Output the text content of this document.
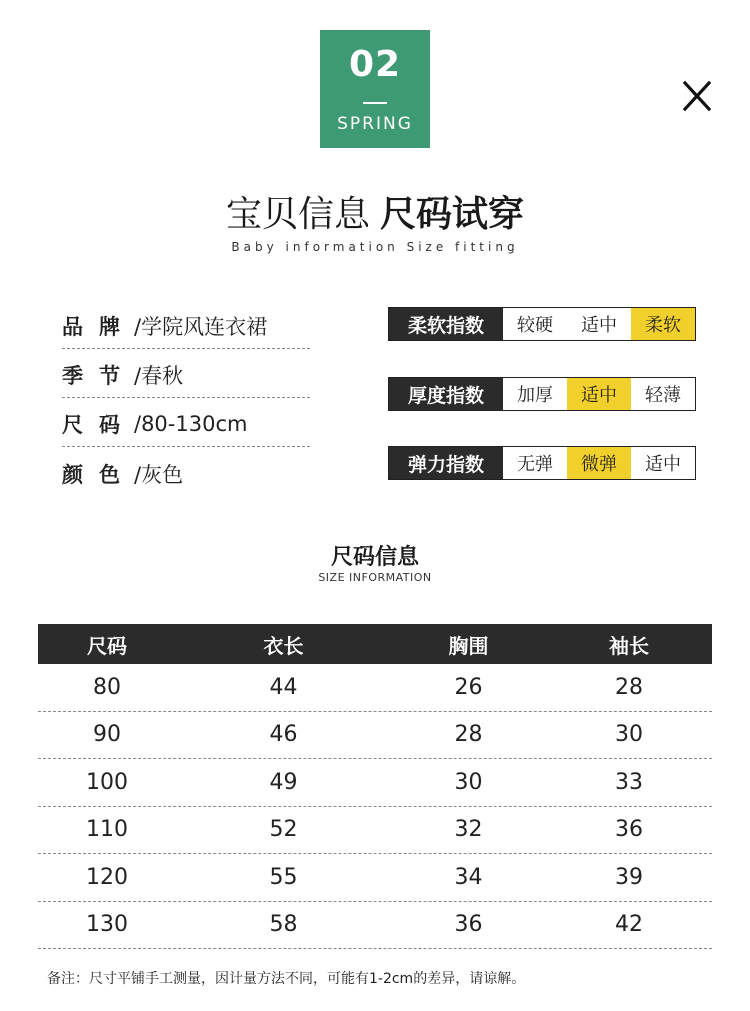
02
SPRING
宝贝信息 尺码试穿
Baby information Size fitting
品牌
/学院风连衣裙
季节
/春秋
尺码
/80-130cm
颜色
/灰色
柔软指数	较硬	适中	柔软
厚度指数	加厚	适中	轻薄
弹力指数	无弹	微弹	适中
尺码信息
SIZE INFORMATION
尺码	衣长	胸围	袖长
80	44	26	28
90	46	28	30
100	49	30	33
110	52	32	36
120	55	34	39
130	58	36	42
备注：尺寸平铺手工测量，因计量方法不同，可能有1-2cm的差异，请谅解。
